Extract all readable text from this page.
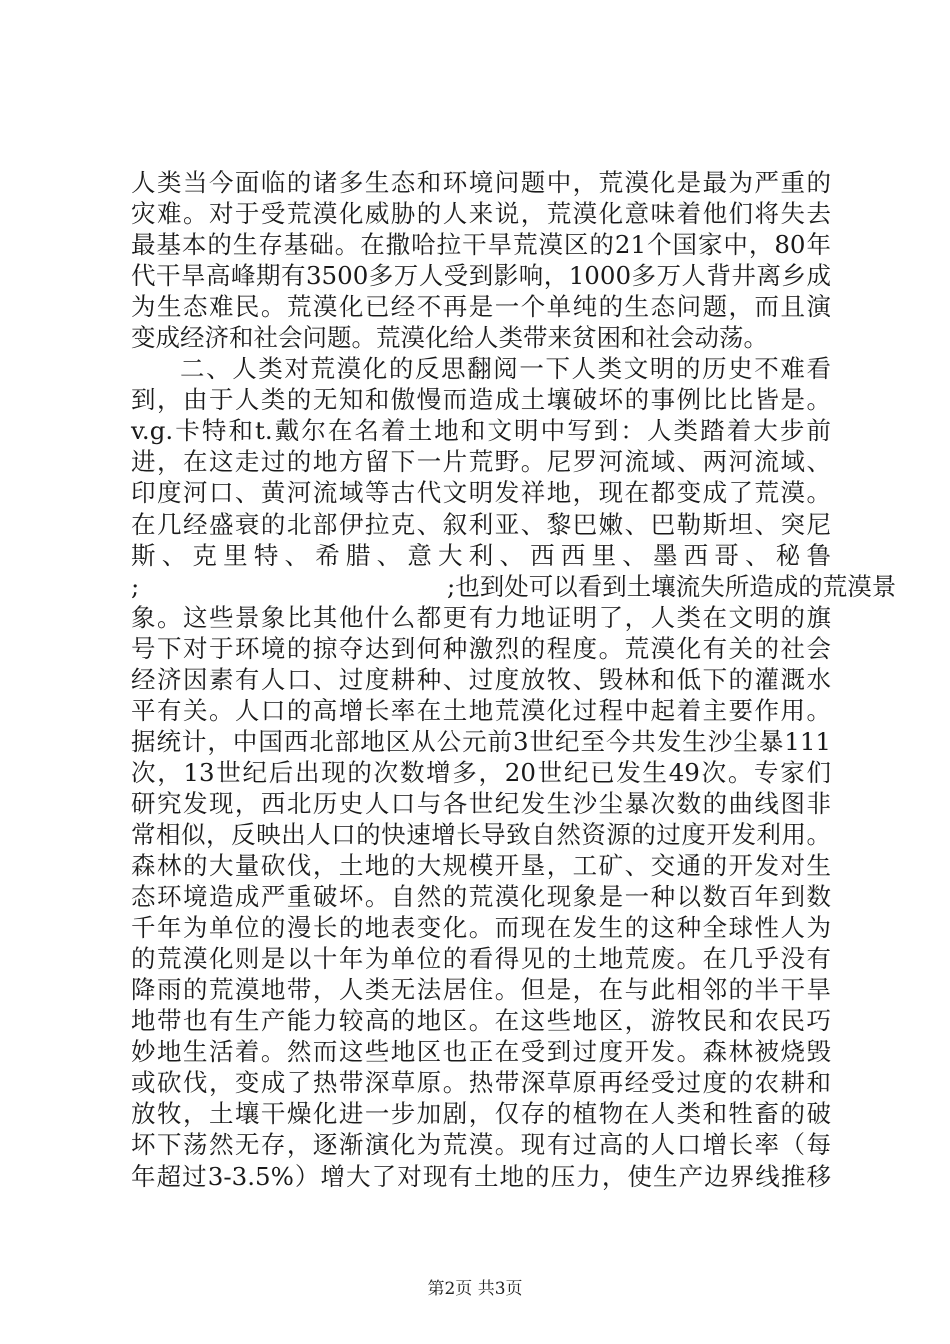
人类当今面临的诸多生态和环境问题中，荒漠化是最为严重的
灾难。对于受荒漠化威胁的人来说，荒漠化意味着他们将失去
最基本的生存基础。在撒哈拉干旱荒漠区的21个国家中，80年
代干旱高峰期有3500多万人受到影响，1000多万人背井离乡成
为生态难民。荒漠化已经不再是一个单纯的生态问题，而且演
变成经济和社会问题。荒漠化给人类带来贫困和社会动荡。
二、人类对荒漠化的反思翻阅一下人类文明的历史不难看
到，由于人类的无知和傲慢而造成土壤破坏的事例比比皆是。
v.g.卡特和t.戴尔在名着土地和文明中写到：人类踏着大步前
进，在这走过的地方留下一片荒野。尼罗河流域、两河流域、
印度河口、黄河流域等古代文明发祥地，现在都变成了荒漠。
在几经盛衰的北部伊拉克、叙利亚、黎巴嫩、巴勒斯坦、突尼
斯、克里特、希腊、意大利、西西里、墨西哥、秘鲁
; ;也到处可以看到土壤流失所造成的荒漠景
象。这些景象比其他什么都更有力地证明了，人类在文明的旗
号下对于环境的掠夺达到何种激烈的程度。荒漠化有关的社会
经济因素有人口、过度耕种、过度放牧、毁林和低下的灌溉水
平有关。人口的高增长率在土地荒漠化过程中起着主要作用。
据统计，中国西北部地区从公元前3世纪至今共发生沙尘暴111
次，13世纪后出现的次数增多，20世纪已发生49次。专家们
研究发现，西北历史人口与各世纪发生沙尘暴次数的曲线图非
常相似，反映出人口的快速增长导致自然资源的过度开发利用。
森林的大量砍伐，土地的大规模开垦，工矿、交通的开发对生
态环境造成严重破坏。自然的荒漠化现象是一种以数百年到数
千年为单位的漫长的地表变化。而现在发生的这种全球性人为
的荒漠化则是以十年为单位的看得见的土地荒废。在几乎没有
降雨的荒漠地带，人类无法居住。但是，在与此相邻的半干旱
地带也有生产能力较高的地区。在这些地区，游牧民和农民巧
妙地生活着。然而这些地区也正在受到过度开发。森林被烧毁
或砍伐，变成了热带深草原。热带深草原再经受过度的农耕和
放牧，土壤干燥化进一步加剧，仅存的植物在人类和牲畜的破
坏下荡然无存，逐渐演化为荒漠。现有过高的人口增长率（每
年超过3-3.5%）增大了对现有土地的压力，使生产边界线推移
第2页 共3页
